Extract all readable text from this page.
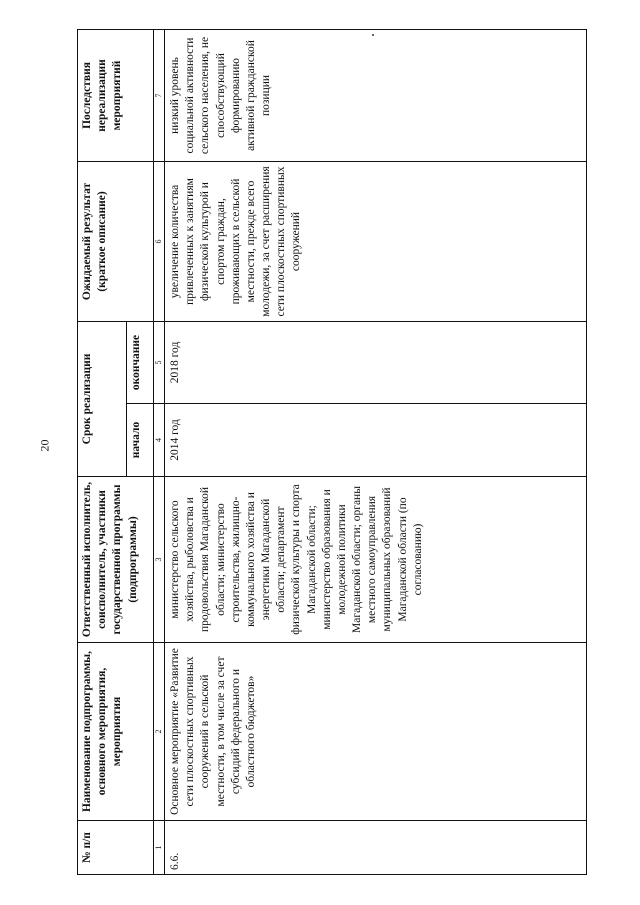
20
№ п/п	Наименование подпрограммы, основного мероприятия, мероприятия	Ответственный исполнитель, соисполнитель, участники государственной программы (подпрограммы)	Срок реализации		Ожидаемый результат (краткое описание)	Последствия нереализации мероприятий
			начало	окончание		
1	2	3	4	5	6	7
6.6.	Основное мероприятие «Развитие сети плоскостных спортивных сооружений в сельской местности, в том числе за счет субсидий федерального и областного бюджетов»	министерство сельского хозяйства, рыболовства и продовольствия Магаданской области; министерство строительства, жилищно-коммунального хозяйства и энергетики Магаданской области; департамент физической культуры и спорта Магаданской области; министерство образования и молодежной политики Магаданской области; органы местного самоуправления муниципальных образований Магаданской области (по согласованию)	2014 год	2018 год	увеличение количества привлеченных к занятиям физической культурой и спортом граждан, проживающих в сельской местности, прежде всего молодежи, за счет расширения сети плоскостных спортивных сооружений	низкий уровень социальной активности сельского населения, не способствующий формированию активной гражданской позиции
